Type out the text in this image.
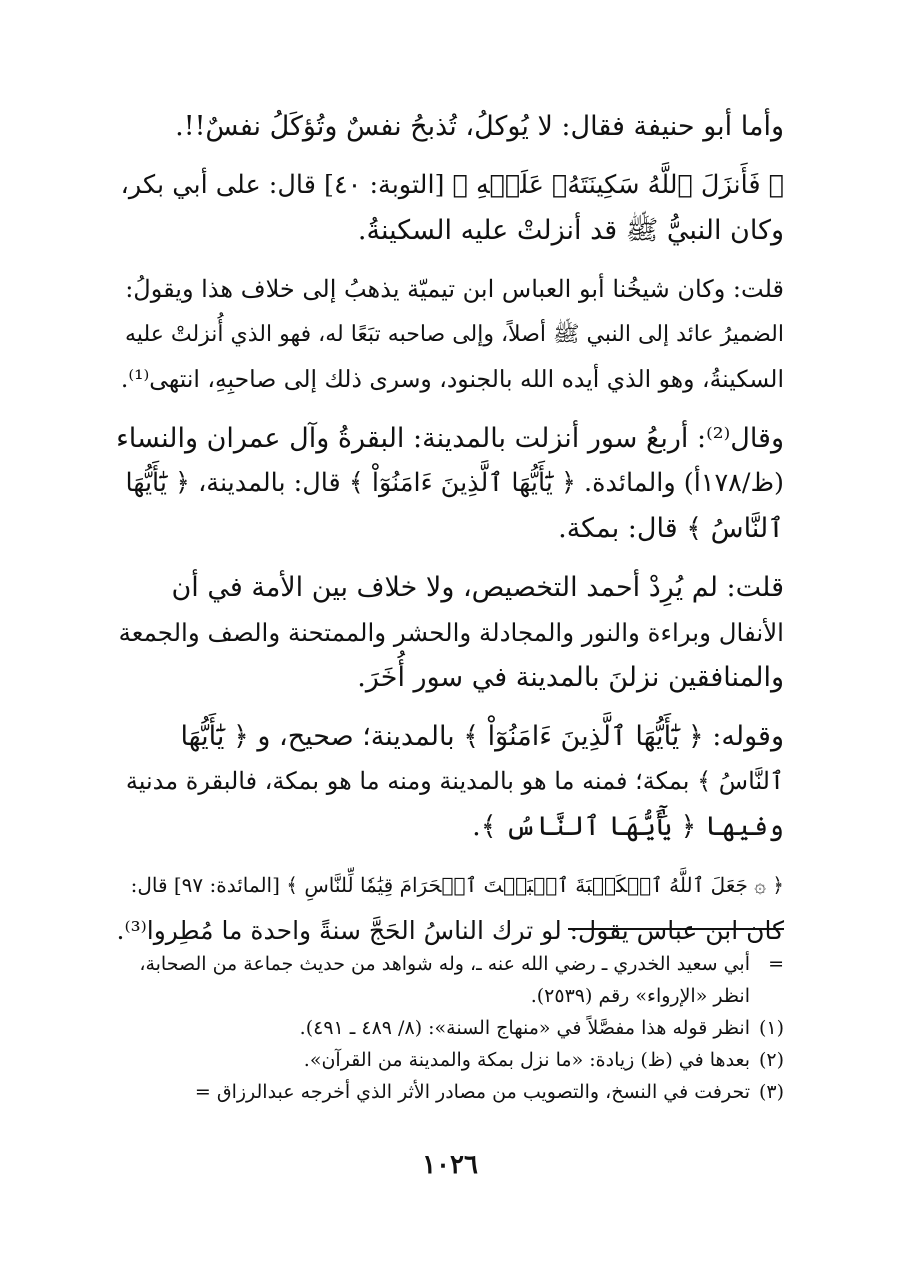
وأما أبو حنيفة فقال: لا يُوكلُ، تُذبحُ نفسٌ وتُؤكَلُ نفسٌ!!.

﴿ فَأَنزَلَ ٱللَّهُ سَكِينَتَهُۥ عَلَيۡهِ ﴾ [التوبة: ٤٠] قال: على أبي بكر،
وكان النبيُّ ﷺ قد أنزلتْ عليه السكينةُ.

قلت: وكان شيخُنا أبو العباس ابن تيميّة يذهبُ إلى خلاف هذا ويقولُ:
الضميرُ عائد إلى النبي ﷺ أصلاً، وإلى صاحبه تبَعًا له، فهو الذي أُنزلتْ عليه
السكينةُ، وهو الذي أيده الله بالجنود، وسرى ذلك إلى صاحبِهِ، انتهى⁽¹⁾.

وقال⁽²⁾: أربعُ سور أنزلت بالمدينة: البقرةُ وآل عمران والنساء
(ظ/١٧٨أ) والمائدة. ﴿ يَٰٓأَيُّهَا ٱلَّذِينَ ءَامَنُوٓاْ ﴾ قال: بالمدينة، ﴿ يَٰٓأَيُّهَا
ٱلنَّاسُ ﴾ قال: بمكة.

قلت: لم يُرِدْ أحمد التخصيص، ولا خلاف بين الأمة في أن
الأنفال وبراءة والنور والمجادلة والحشر والممتحنة والصف والجمعة
والمنافقين نزلنَ بالمدينة في سور أُخَرَ.

وقوله: ﴿ يَٰٓأَيُّهَا ٱلَّذِينَ ءَامَنُوٓاْ ﴾ بالمدينة؛ صحيح، و ﴿ يَٰٓأَيُّهَا
ٱلنَّاسُ ﴾ بمكة؛ فمنه ما هو بالمدينة ومنه ما هو بمكة، فالبقرة مدنية
وفيها ﴿ يَٰٓأَيُّهَا ٱلنَّاسُ ﴾.

﴿ ۞ جَعَلَ ٱللَّهُ ٱلۡكَعۡبَةَ ٱلۡبَيۡتَ ٱلۡحَرَامَ قِيَٰمٗا لِّلنَّاسِ ﴾ [المائدة: ٩٧] قال:
كان ابن عباس يقول: لو ترك الناسُ الحَجَّ سنةً واحدة ما مُطِروا⁽³⁾.

=
أبي سعيد الخدري ـ رضي الله عنه ـ، وله شواهد من حديث جماعة من الصحابة،
انظر «الإرواء» رقم (٢٥٣٩).
(١)
انظر قوله هذا مفصَّلاً في «منهاج السنة»: (٨/ ٤٨٩ ـ ٤٩١).
(٢)
بعدها في (ظ) زيادة: «ما نزل بمكة والمدينة من القرآن».
(٣)
تحرفت في النسخ، والتصويب من مصادر الأثر الذي أخرجه عبدالرزاق =
١٠٢٦
